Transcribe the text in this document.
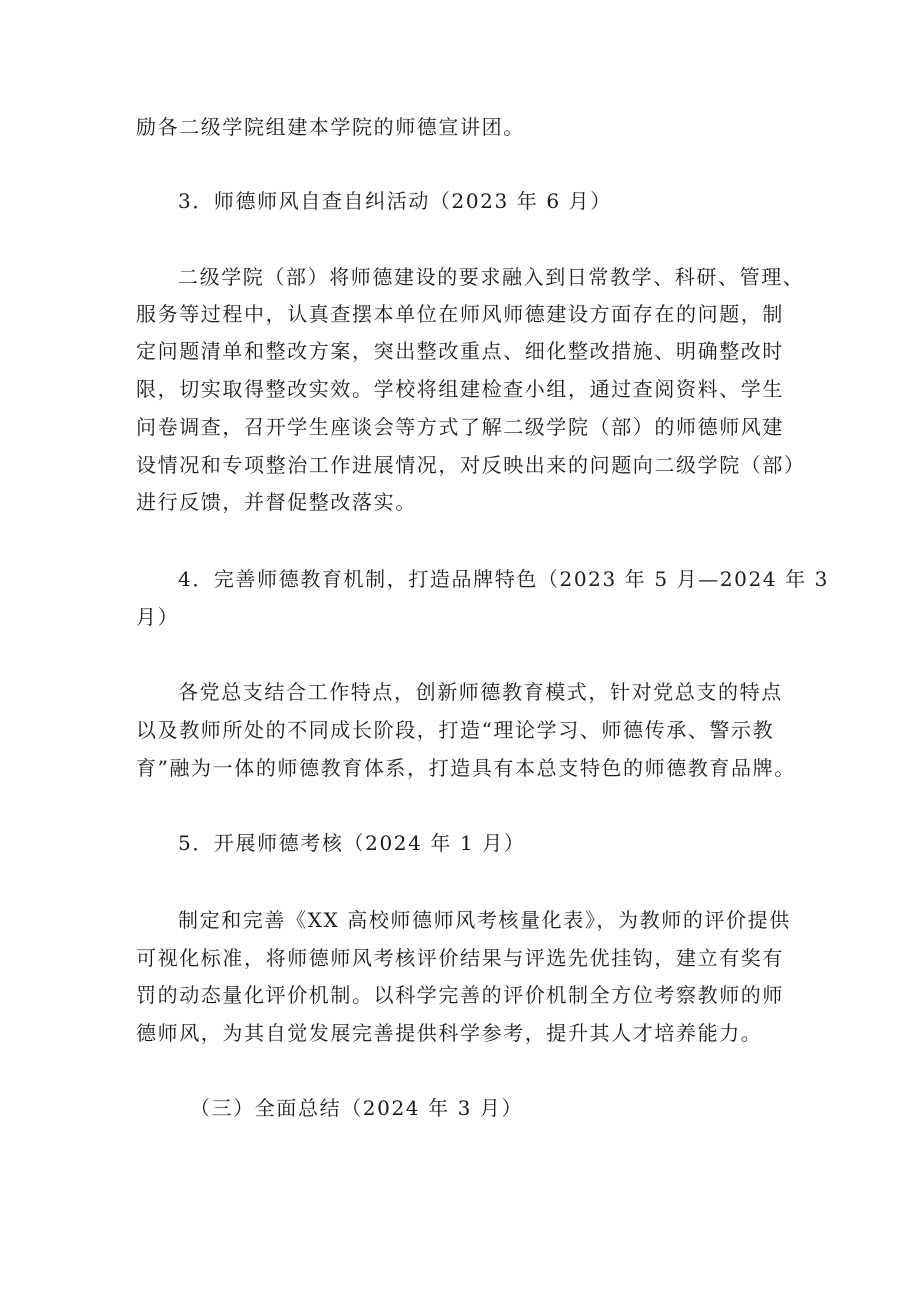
励各二级学院组建本学院的师德宣讲团。
3．师德师风自查自纠活动（2023 年 6 月）
二级学院（部）将师德建设的要求融入到日常教学、科研、管理、
服务等过程中，认真查摆本单位在师风师德建设方面存在的问题，制
定问题清单和整改方案，突出整改重点、细化整改措施、明确整改时
限，切实取得整改实效。学校将组建检查小组，通过查阅资料、学生
问卷调查，召开学生座谈会等方式了解二级学院（部）的师德师风建
设情况和专项整治工作进展情况，对反映出来的问题向二级学院（部）
进行反馈，并督促整改落实。
4．完善师德教育机制，打造品牌特色（2023 年 5 月—2024 年 3
月）
各党总支结合工作特点，创新师德教育模式，针对党总支的特点
以及教师所处的不同成长阶段，打造“理论学习、师德传承、警示教
育”融为一体的师德教育体系，打造具有本总支特色的师德教育品牌。
5．开展师德考核（2024 年 1 月）
制定和完善《XX 高校师德师风考核量化表》，为教师的评价提供
可视化标准，将师德师风考核评价结果与评选先优挂钩，建立有奖有
罚的动态量化评价机制。以科学完善的评价机制全方位考察教师的师
德师风，为其自觉发展完善提供科学参考，提升其人才培养能力。
（三）全面总结（2024 年 3 月）
